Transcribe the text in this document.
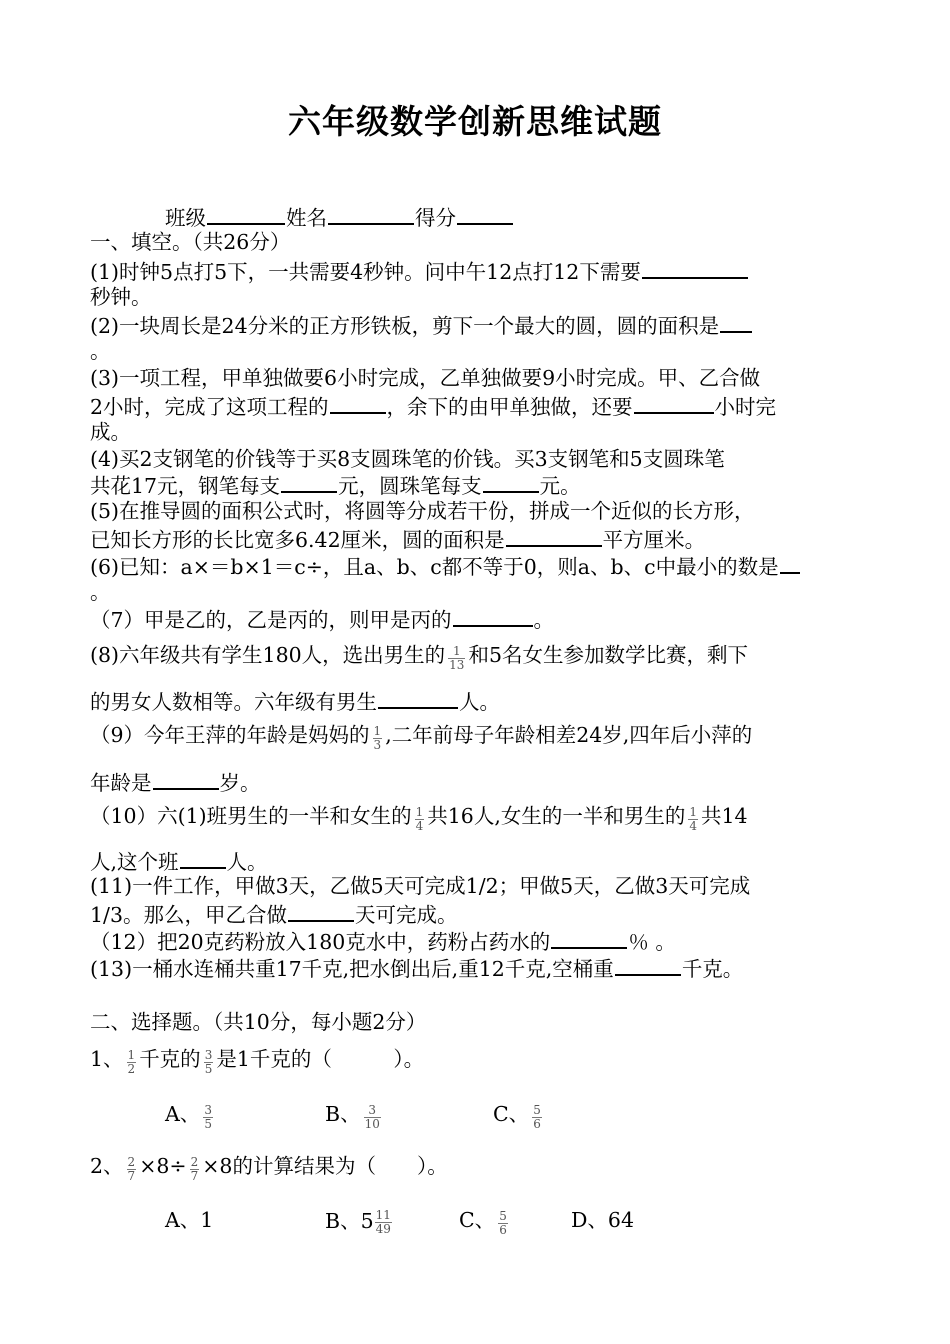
六年级数学创新思维试题
班级	姓名	得分
一、填空。（共26分）
(1)时钟5点打5下，一共需要4秒钟。问中午12点打12下需要
秒钟。
(2)一块周长是24分米的正方形铁板，剪下一个最大的圆，圆的面积是
。
(3)一项工程，甲单独做要6小时完成，乙单独做要9小时完成。甲、乙合做
2小时，完成了这项工程的	，余下的由甲单独做，还要	小时完
成。
(4)买2支钢笔的价钱等于买8支圆珠笔的价钱。买3支钢笔和5支圆珠笔
共花17元，钢笔每支	元，圆珠笔每支	元。
(5)在推导圆的面积公式时，将圆等分成若干份，拼成一个近似的长方形，
已知长方形的长比宽多6.42厘米，圆的面积是	平方厘米。
(6)已知：a×＝b×1＝c÷，且a、b、c都不等于0，则a、b、c中最小的数是
。
（7）甲是乙的，乙是丙的，则甲是丙的	。
(8)六年级共有学生180人，选出男生的 $\frac{1}{13}$ 和5名女生参加数学比赛，剩下
的男女人数相等。六年级有男生	人。
（9）今年王萍的年龄是妈妈的 $\frac{1}{3}$ ,二年前母子年龄相差24岁,四年后小萍的
年龄是	岁。
（10）六(1)班男生的一半和女生的 $\frac{1}{4}$ 共16人,女生的一半和男生的 $\frac{1}{4}$ 共14
人,这个班 人。
(11)一件工作，甲做3天，乙做5天可完成1/2；甲做5天，乙做3天可完成
1/3。那么，甲乙合做	天可完成。
（12）把20克药粉放入180克水中，药粉占药水的	％ 。
(13)一桶水连桶共重17千克,把水倒出后,重12千克,空桶重	千克。
二、选择题。（共10分，每小题2分）
1、 $\frac{1}{2}$ 千克的 $\frac{3}{5}$ 是1千克的（　　　）。
A、 $\frac{3}{5}$	B、 $\frac{3}{10}$	C、 $\frac{5}{6}$
2、 $\frac{2}{7} \times 8\div \frac{2}{7} \times 8$的计算结果为（　　）。
A、1	B、$5 \frac{11}{49}$	C、 $\frac{5}{6}$	D、64
